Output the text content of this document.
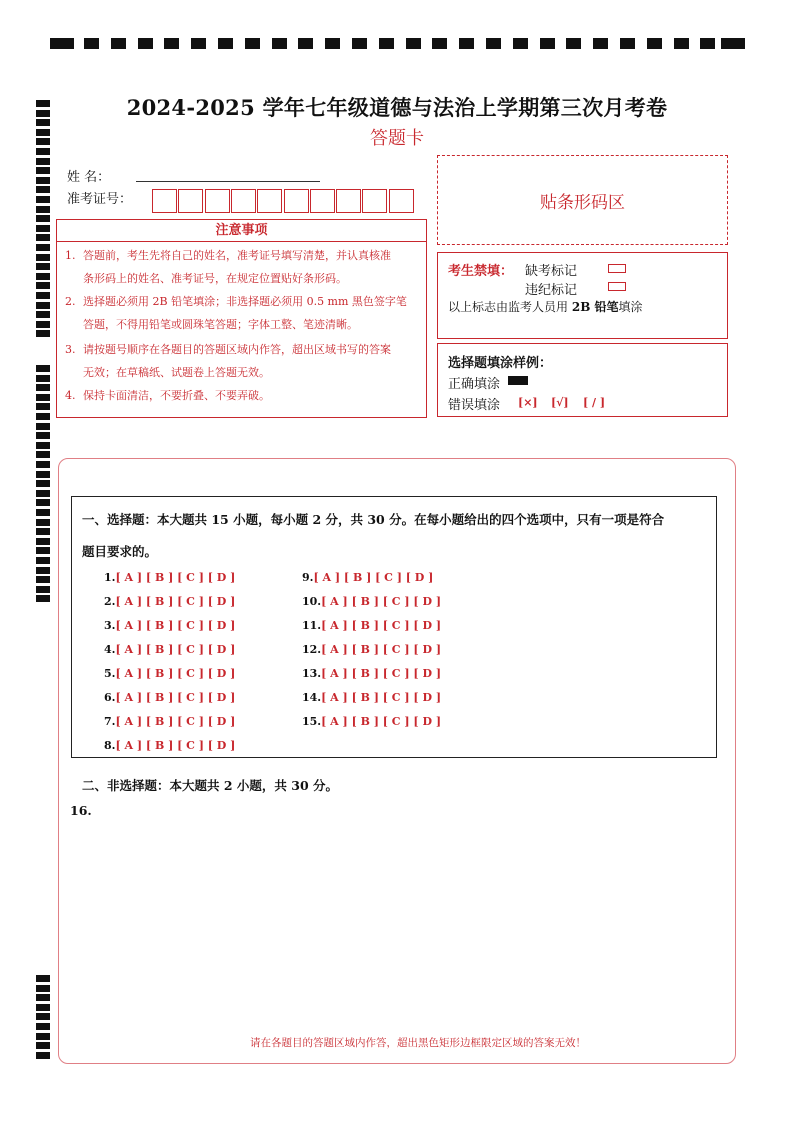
2024-2025 学年七年级道德与法治上学期第三次月考卷
答题卡
姓 名：
准考证号：	贴条形码区
注意事项
1. 答题前，考生先将自己的姓名，准考证号填写清楚，并认真核准
条形码上的姓名、准考证号，在规定位置贴好条形码。
2. 选择题必须用 2B 铅笔填涂；非选择题必须用 0.5 mm 黑色签字笔
答题，不得用铅笔或圆珠笔答题；字体工整、笔迹清晰。
3. 请按题号顺序在各题目的答题区域内作答，超出区域书写的答案
无效；在草稿纸、试题卷上答题无效。
4. 保持卡面清洁，不要折叠、不要弄破。
考生禁填： 缺考标记
违纪标记
以上标志由监考人员用 2B 铅笔填涂
选择题填涂样例：
正确填涂
错误填涂 [×] [√] [ / ]
一、选择题：本大题共 15 小题，每小题 2 分，共 30 分。在每小题给出的四个选项中，只有一项是符合
题目要求的。
1.[ A ] [ B ] [ C ] [ D ]
2.[ A ] [ B ] [ C ] [ D ]
3.[ A ] [ B ] [ C ] [ D ]
4.[ A ] [ B ] [ C ] [ D ]
5.[ A ] [ B ] [ C ] [ D ]
6.[ A ] [ B ] [ C ] [ D ]
7.[ A ] [ B ] [ C ] [ D ]
8.[ A ] [ B ] [ C ] [ D ]
9.[ A ] [ B ] [ C ] [ D ]
10.[ A ] [ B ] [ C ] [ D ]
11.[ A ] [ B ] [ C ] [ D ]
12.[ A ] [ B ] [ C ] [ D ]
13.[ A ] [ B ] [ C ] [ D ]
14.[ A ] [ B ] [ C ] [ D ]
15.[ A ] [ B ] [ C ] [ D ]
二、非选择题：本大题共 2 小题，共 30 分。
16.
请在各题目的答题区域内作答，超出黑色矩形边框限定区域的答案无效！
